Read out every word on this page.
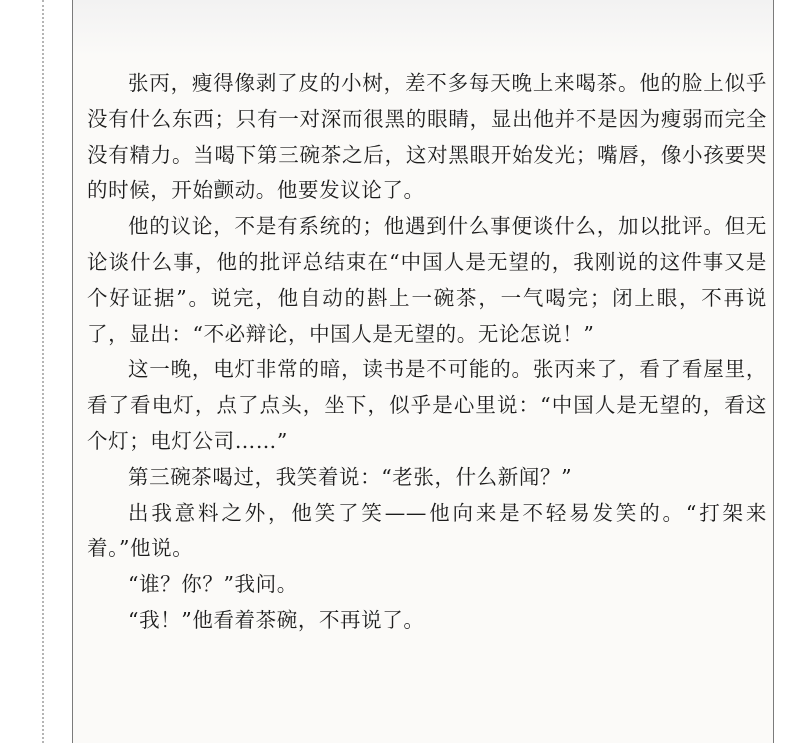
张丙，瘦得像剥了皮的小树，差不多每天晚上来喝茶。他的脸上似乎没有什么东西；只有一对深而很黑的眼睛，显出他并不是因为瘦弱而完全没有精力。当喝下第三碗茶之后，这对黑眼开始发光；嘴唇，像小孩要哭的时候，开始颤动。他要发议论了。

他的议论，不是有系统的；他遇到什么事便谈什么，加以批评。但无论谈什么事，他的批评总结束在“中国人是无望的，我刚说的这件事又是个好证据”。说完，他自动的斟上一碗茶，一气喝完；闭上眼，不再说了，显出：“不必辩论，中国人是无望的。无论怎说！”

这一晚，电灯非常的暗，读书是不可能的。张丙来了，看了看屋里，看了看电灯，点了点头，坐下，似乎是心里说：“中国人是无望的，看这个灯；电灯公司……”

第三碗茶喝过，我笑着说：“老张，什么新闻？”

出我意料之外，他笑了笑——他向来是不轻易发笑的。“打架来着。”他说。

“谁？你？”我问。

“我！”他看着茶碗，不再说了。
